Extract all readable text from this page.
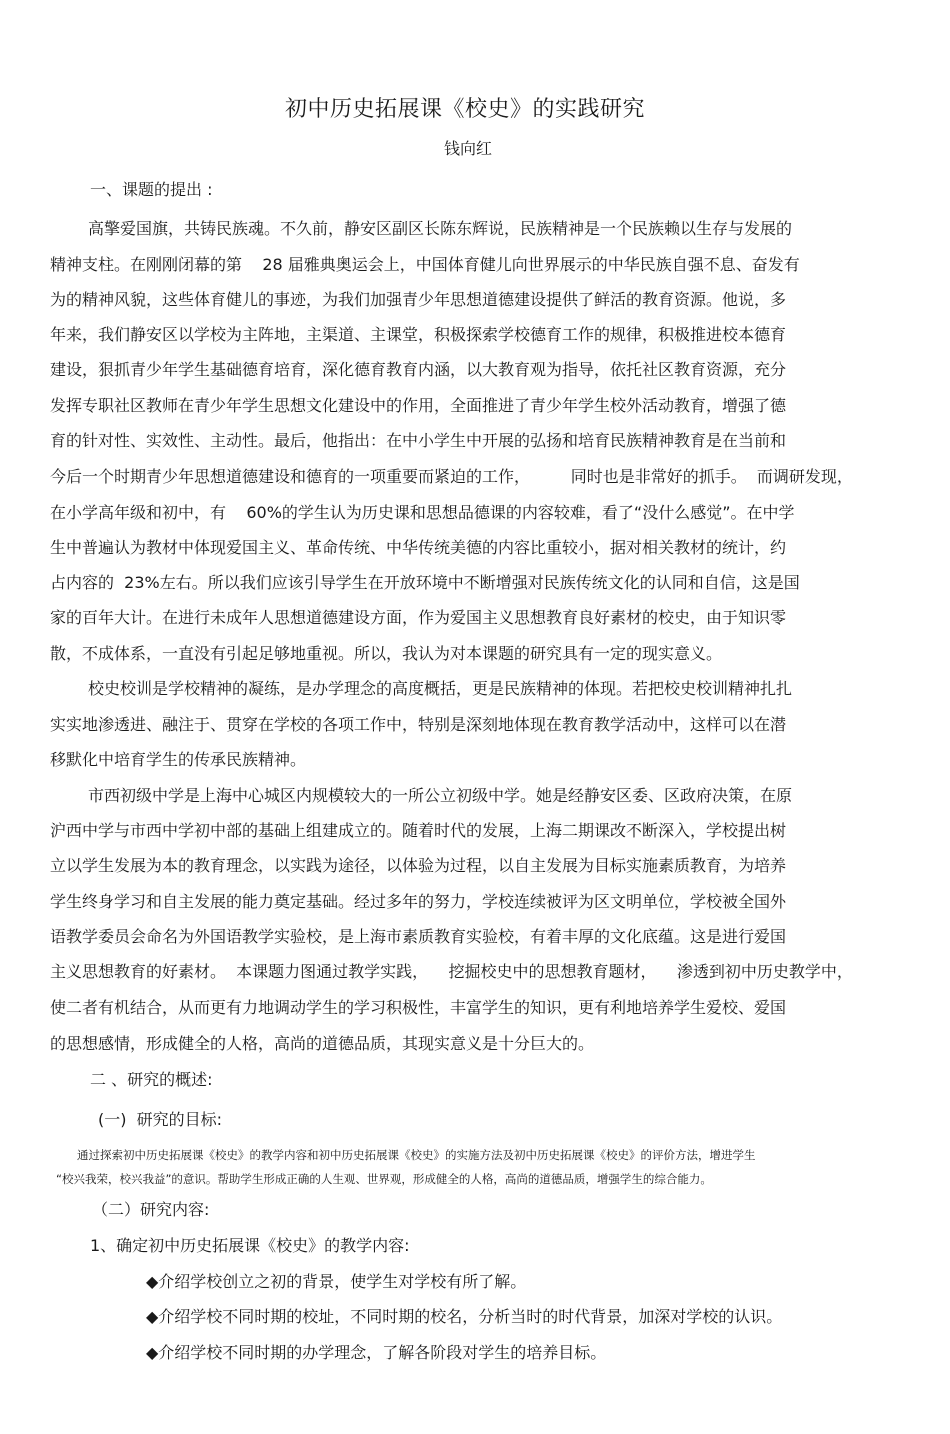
初中历史拓展课《校史》的实践研究
钱向红
一、课题的提出 :
高擎爱国旗，共铸民族魂。不久前，静安区副区长陈东辉说，民族精神是一个民族赖以生存与发展的
精神支柱。在刚刚闭幕的第    28 届雅典奥运会上，中国体育健儿向世界展示的中华民族自强不息、奋发有
为的精神风貌，这些体育健儿的事迹，为我们加强青少年思想道德建设提供了鲜活的教育资源。他说，多
年来，我们静安区以学校为主阵地，主渠道、主课堂，积极探索学校德育工作的规律，积极推进校本德育
建设，狠抓青少年学生基础德育培育，深化德育教育内涵，以大教育观为指导，依托社区教育资源，充分
发挥专职社区教师在青少年学生思想文化建设中的作用，全面推进了青少年学生校外活动教育，增强了德
育的针对性、实效性、主动性。最后，他指出：在中小学生中开展的弘扬和培育民族精神教育是在当前和
今后一个时期青少年思想道德建设和德育的一项重要而紧迫的工作，        同时也是非常好的抓手。  而调研发现，
在小学高年级和初中，有    60%的学生认为历史课和思想品德课的内容较难，看了“没什么感觉”。在中学
生中普遍认为教材中体现爱国主义、革命传统、中华传统美德的内容比重较小，据对相关教材的统计，约
占内容的  23%左右。所以我们应该引导学生在开放环境中不断增强对民族传统文化的认同和自信，这是国
家的百年大计。在进行未成年人思想道德建设方面，作为爱国主义思想教育良好素材的校史，由于知识零
散，不成体系，一直没有引起足够地重视。所以，我认为对本课题的研究具有一定的现实意义。
校史校训是学校精神的凝练，是办学理念的高度概括，更是民族精神的体现。若把校史校训精神扎扎
实实地渗透进、融注于、贯穿在学校的各项工作中，特别是深刻地体现在教育教学活动中，这样可以在潜
移默化中培育学生的传承民族精神。
市西初级中学是上海中心城区内规模较大的一所公立初级中学。她是经静安区委、区政府决策，在原
沪西中学与市西中学初中部的基础上组建成立的。随着时代的发展，上海二期课改不断深入，学校提出树
立以学生发展为本的教育理念，以实践为途径，以体验为过程，以自主发展为目标实施素质教育，为培养
学生终身学习和自主发展的能力奠定基础。经过多年的努力，学校连续被评为区文明单位，学校被全国外
语教学委员会命名为外国语教学实验校，是上海市素质教育实验校，有着丰厚的文化底蕴。这是进行爱国
主义思想教育的好素材。  本课题力图通过教学实践，    挖掘校史中的思想教育题材，    渗透到初中历史教学中，
使二者有机结合，从而更有力地调动学生的学习积极性，丰富学生的知识，更有利地培养学生爱校、爱国
的思想感情，形成健全的人格，高尚的道德品质，其现实意义是十分巨大的。
二 、研究的概述:
(一)  研究的目标:
通过探索初中历史拓展课《校史》的教学内容和初中历史拓展课《校史》的实施方法及初中历史拓展课《校史》的评价方法，增进学生
“校兴我荣，校兴我益”的意识。帮助学生形成正确的人生观、世界观，形成健全的人格，高尚的道德品质，增强学生的综合能力。
（二）研究内容:
1、确定初中历史拓展课《校史》的教学内容:
◆介绍学校创立之初的背景，使学生对学校有所了解。
◆介绍学校不同时期的校址，不同时期的校名，分析当时的时代背景，加深对学校的认识。
◆介绍学校不同时期的办学理念，了解各阶段对学生的培养目标。
